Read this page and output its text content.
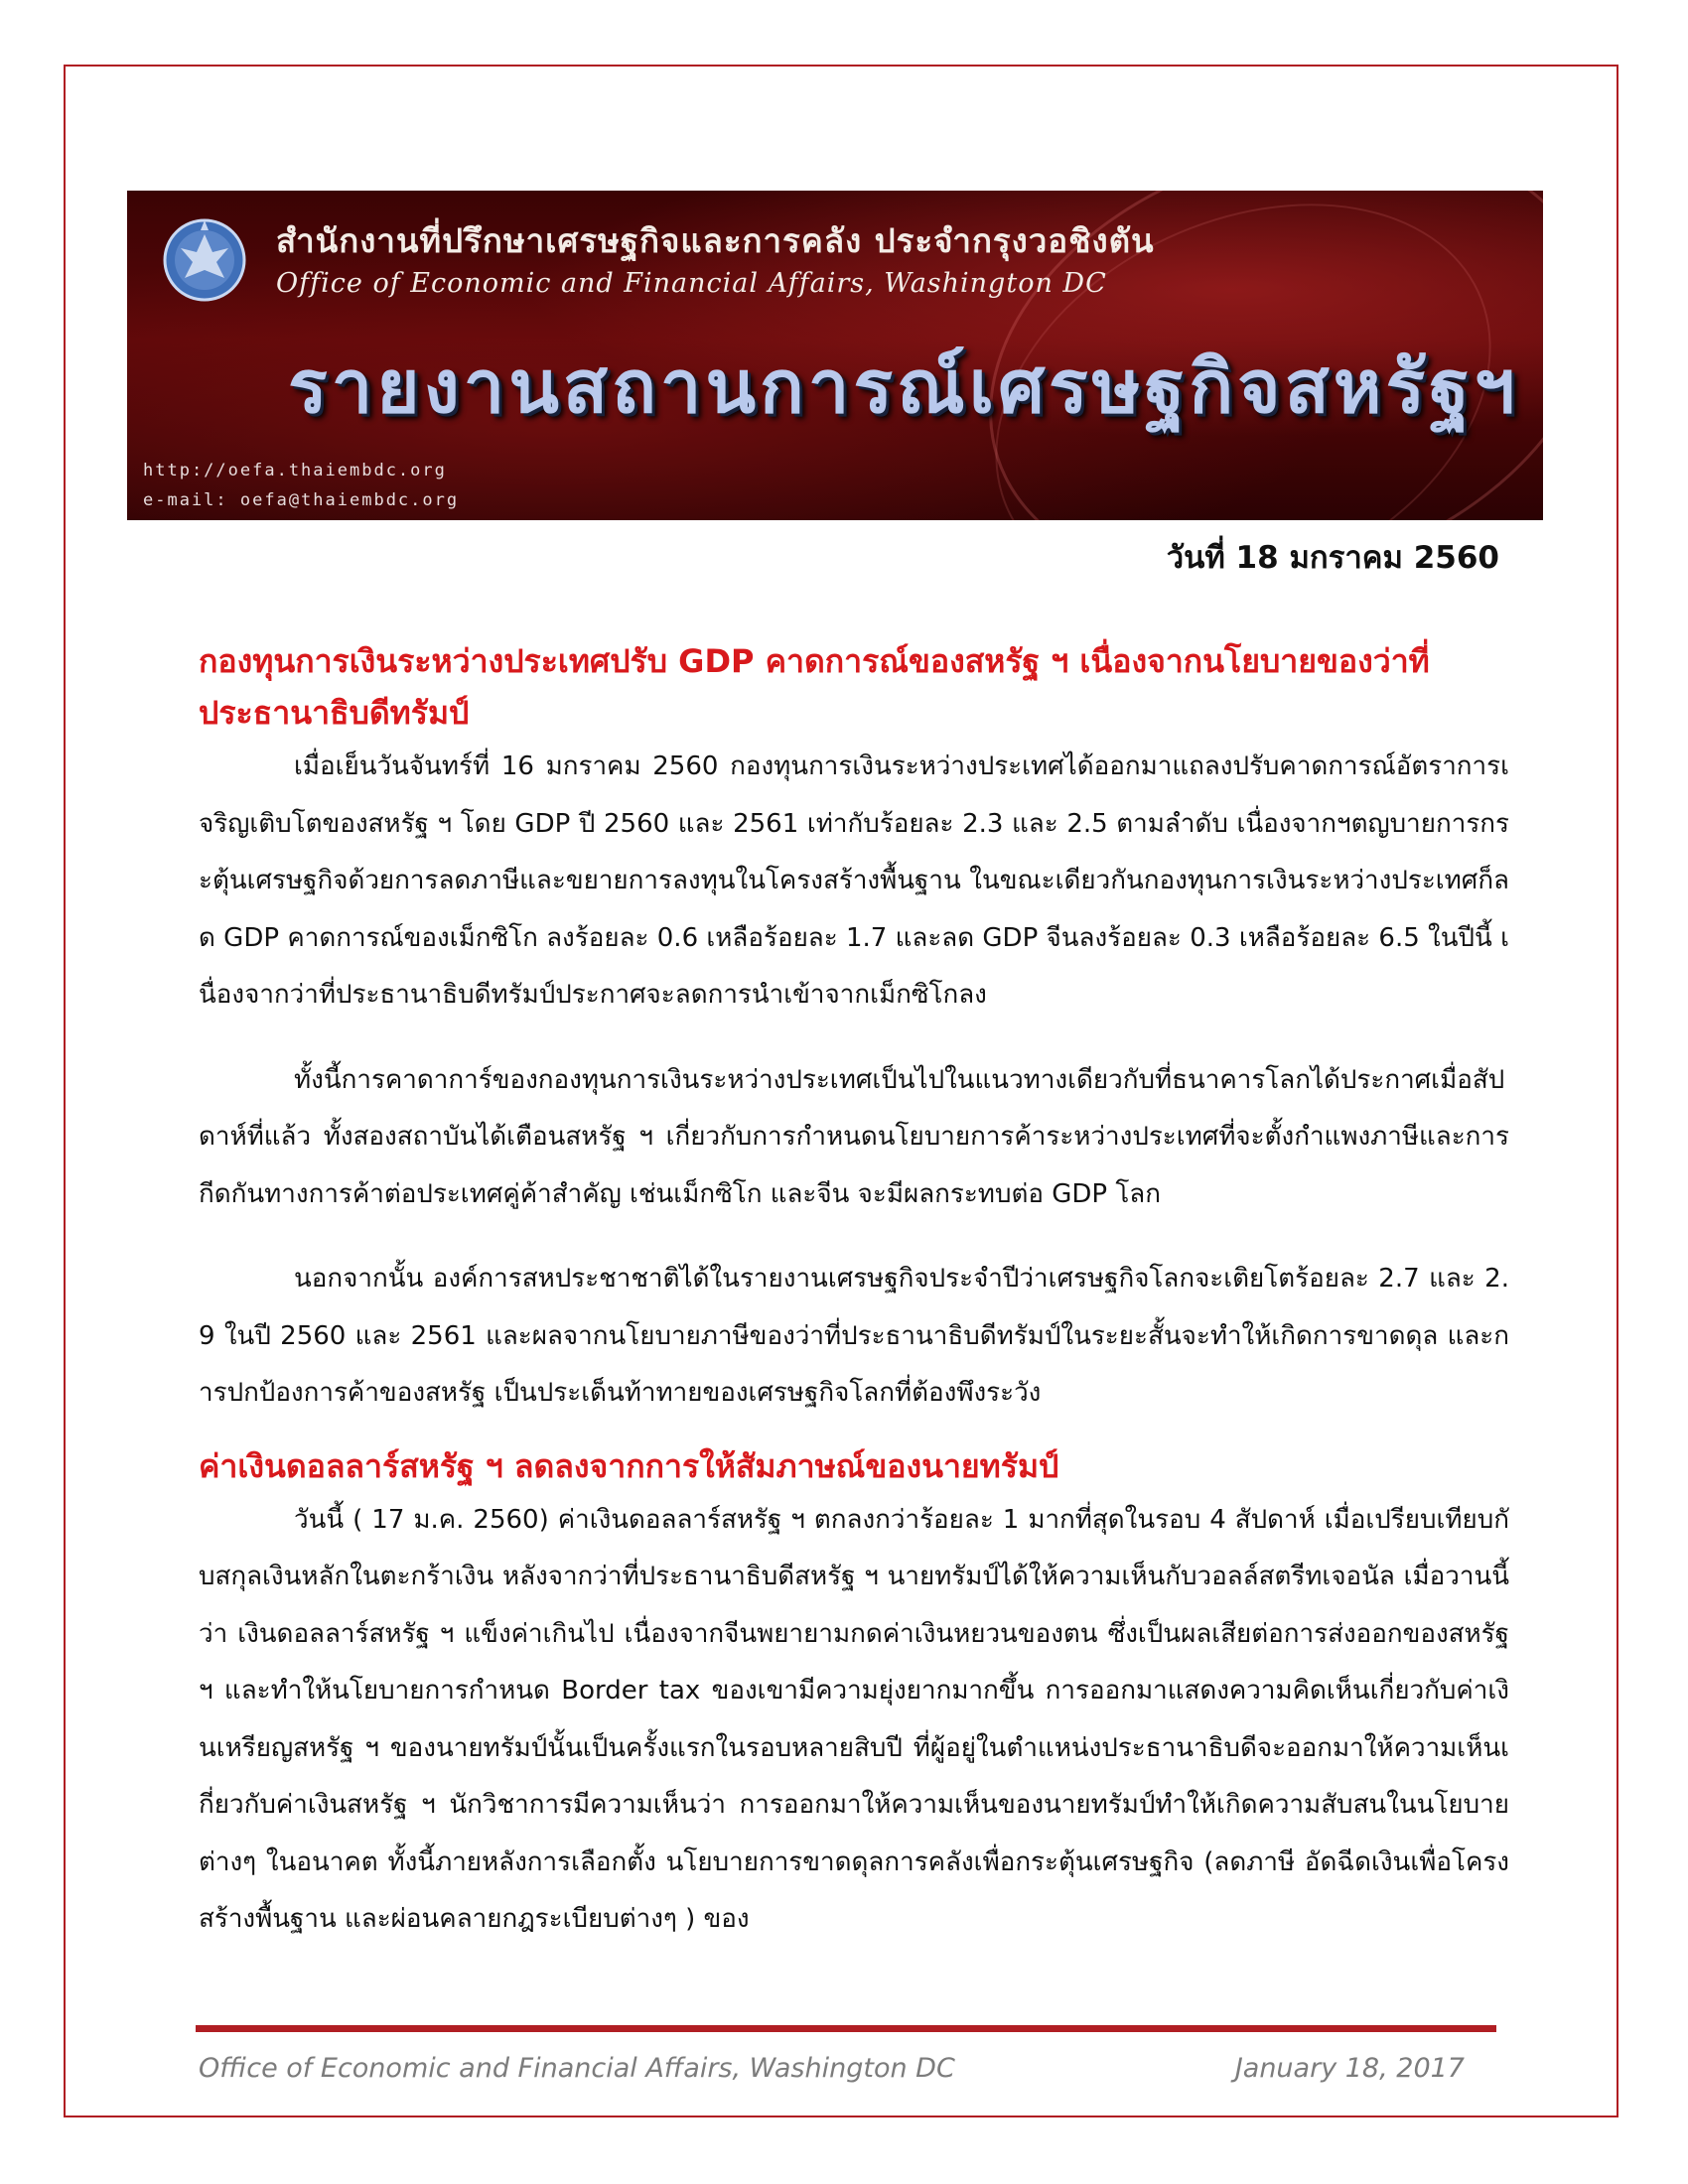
สำนักงานที่ปรึกษาเศรษฐกิจและการคลัง ประจำกรุงวอชิงตัน
Office of Economic and Financial Affairs, Washington DC
รายงานสถานการณ์เศรษฐกิจสหรัฐฯ
http://oefa.thaiembdc.org
e-mail: oefa@thaiembdc.org
วันที่ 18 มกราคม 2560
กองทุนการเงินระหว่างประเทศปรับ GDP คาดการณ์ของสหรัฐ ฯ เนื่องจากนโยบายของว่าที่ประธานาธิบดีทรัมป์

เมื่อเย็นวันจันทร์ที่ 16 มกราคม 2560 กองทุนการเงินระหว่างประเทศได้ออกมาแถลงปรับคาดการณ์อัตราการเจริญเติบโตของสหรัฐ ฯ โดย GDP ปี 2560 และ 2561 เท่ากับร้อยละ 2.3 และ 2.5 ตามลำดับ เนื่องจากฯตญบายการกระตุ้นเศรษฐกิจด้วยการลดภาษีและขยายการลงทุนในโครงสร้างพื้นฐาน ในขณะเดียวกันกองทุนการเงินระหว่างประเทศก็ลด GDP คาดการณ์ของเม็กซิโก ลงร้อยละ 0.6 เหลือร้อยละ 1.7 และลด GDP จีนลงร้อยละ 0.3 เหลือร้อยละ 6.5 ในปีนี้ เนื่องจากว่าที่ประธานาธิบดีทรัมป์ประกาศจะลดการนำเข้าจากเม็กซิโกลง

ทั้งนี้การคาดาการ์ของกองทุนการเงินระหว่างประเทศเป็นไปในแนวทางเดียวกับที่ธนาคารโลกได้ประกาศเมื่อสัปดาห์ที่แล้ว ทั้งสองสถาบันได้เตือนสหรัฐ ฯ เกี่ยวกับการกำหนดนโยบายการค้าระหว่างประเทศที่จะตั้งกำแพงภาษีและการกีดกันทางการค้าต่อประเทศคู่ค้าสำคัญ เช่นเม็กซิโก และจีน จะมีผลกระทบต่อ GDP โลก

นอกจากนั้น องค์การสหประชาชาติได้ในรายงานเศรษฐกิจประจำปีว่าเศรษฐกิจโลกจะเติยโตร้อยละ 2.7 และ 2.9 ในปี 2560 และ 2561 และผลจากนโยบายภาษีของว่าที่ประธานาธิบดีทรัมป์ในระยะสั้นจะทำให้เกิดการขาดดุล และการปกป้องการค้าของสหรัฐ เป็นประเด็นท้าทายของเศรษฐกิจโลกที่ต้องพึงระวัง

ค่าเงินดอลลาร์สหรัฐ ฯ ลดลงจากการให้สัมภาษณ์ของนายทรัมป์

วันนี้ ( 17 ม.ค. 2560) ค่าเงินดอลลาร์สหรัฐ ฯ ตกลงกว่าร้อยละ 1 มากที่สุดในรอบ 4 สัปดาห์ เมื่อเปรียบเทียบกับสกุลเงินหลักในตะกร้าเงิน หลังจากว่าที่ประธานาธิบดีสหรัฐ ฯ นายทรัมป์ได้ให้ความเห็นกับวอลล์สตรีทเจอนัล เมื่อวานนี้ว่า เงินดอลลาร์สหรัฐ ฯ แข็งค่าเกินไป เนื่องจากจีนพยายามกดค่าเงินหยวนของตน ซึ่งเป็นผลเสียต่อการส่งออกของสหรัฐ ฯ และทำให้นโยบายการกำหนด Border tax ของเขามีความยุ่งยากมากขึ้น การออกมาแสดงความคิดเห็นเกี่ยวกับค่าเงินเหรียญสหรัฐ ฯ ของนายทรัมป์นั้นเป็นครั้งแรกในรอบหลายสิบปี ที่ผู้อยู่ในตำแหน่งประธานาธิบดีจะออกมาให้ความเห็นเกี่ยวกับค่าเงินสหรัฐ ฯ นักวิชาการมีความเห็นว่า การออกมาให้ความเห็นของนายทรัมป์ทำให้เกิดความสับสนในนโยบายต่างๆ ในอนาคต ทั้งนี้ภายหลังการเลือกตั้ง นโยบายการขาดดุลการคลังเพื่อกระตุ้นเศรษฐกิจ (ลดภาษี อัดฉีดเงินเพื่อโครงสร้างพื้นฐาน และผ่อนคลายกฎระเบียบต่างๆ ) ของ

Office of Economic and Financial Affairs, Washington DC	January 18, 2017
